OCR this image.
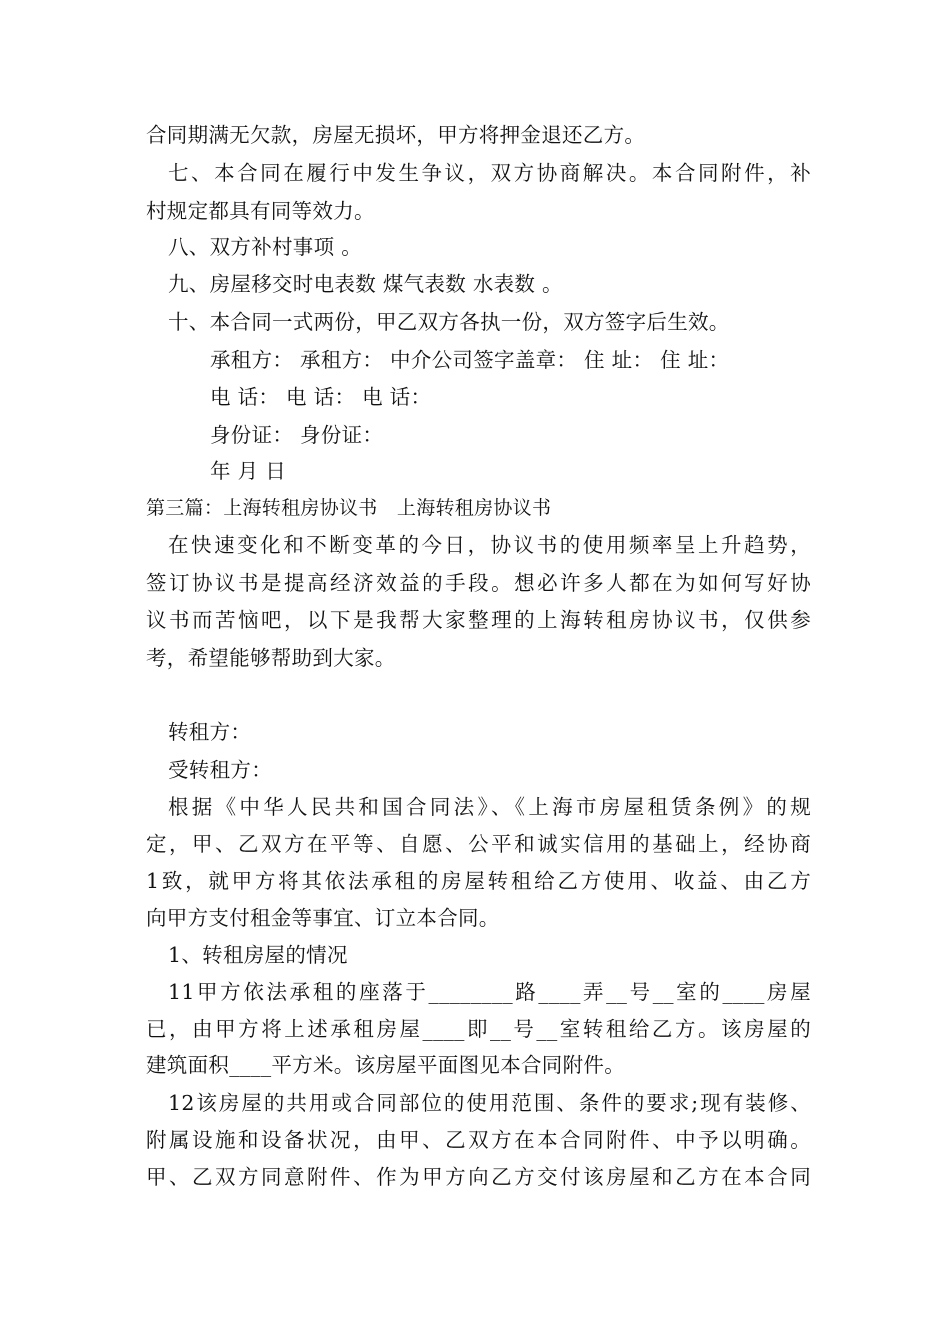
合同期满无欠款，房屋无损坏，甲方将押金退还乙方。
七、本合同在履行中发生争议，双方协商解决。本合同附件，补
村规定都具有同等效力。
八、双方补村事项 。
九、房屋移交时电表数 煤气表数 水表数 。
十、本合同一式两份，甲乙双方各执一份，双方签字后生效。
承租方： 承租方： 中介公司签字盖章： 住 址： 住 址：
电 话： 电 话： 电 话：
身份证： 身份证：
年 月 日
第三篇：上海转租房协议书　上海转租房协议书
在快速变化和不断变革的今日，协议书的使用频率呈上升趋势，
签订协议书是提高经济效益的手段。想必许多人都在为如何写好协
议书而苦恼吧，以下是我帮大家整理的上海转租房协议书，仅供参
考，希望能够帮助到大家。
转租方：
受转租方：
根据《中华人民共和国合同法》、《上海市房屋租赁条例》的规
定，甲、乙双方在平等、自愿、公平和诚实信用的基础上，经协商
1致，就甲方将其依法承租的房屋转租给乙方使用、收益、由乙方
向甲方支付租金等事宜、订立本合同。
1、转租房屋的情况
11甲方依法承租的座落于________路____弄__号__室的____房屋
已，由甲方将上述承租房屋____即__号__室转租给乙方。该房屋的
建筑面积____平方米。该房屋平面图见本合同附件。
12该房屋的共用或合同部位的使用范围、条件的要求;现有装修、
附属设施和设备状况，由甲、乙双方在本合同附件、中予以明确。
甲、乙双方同意附件、作为甲方向乙方交付该房屋和乙方在本合同
